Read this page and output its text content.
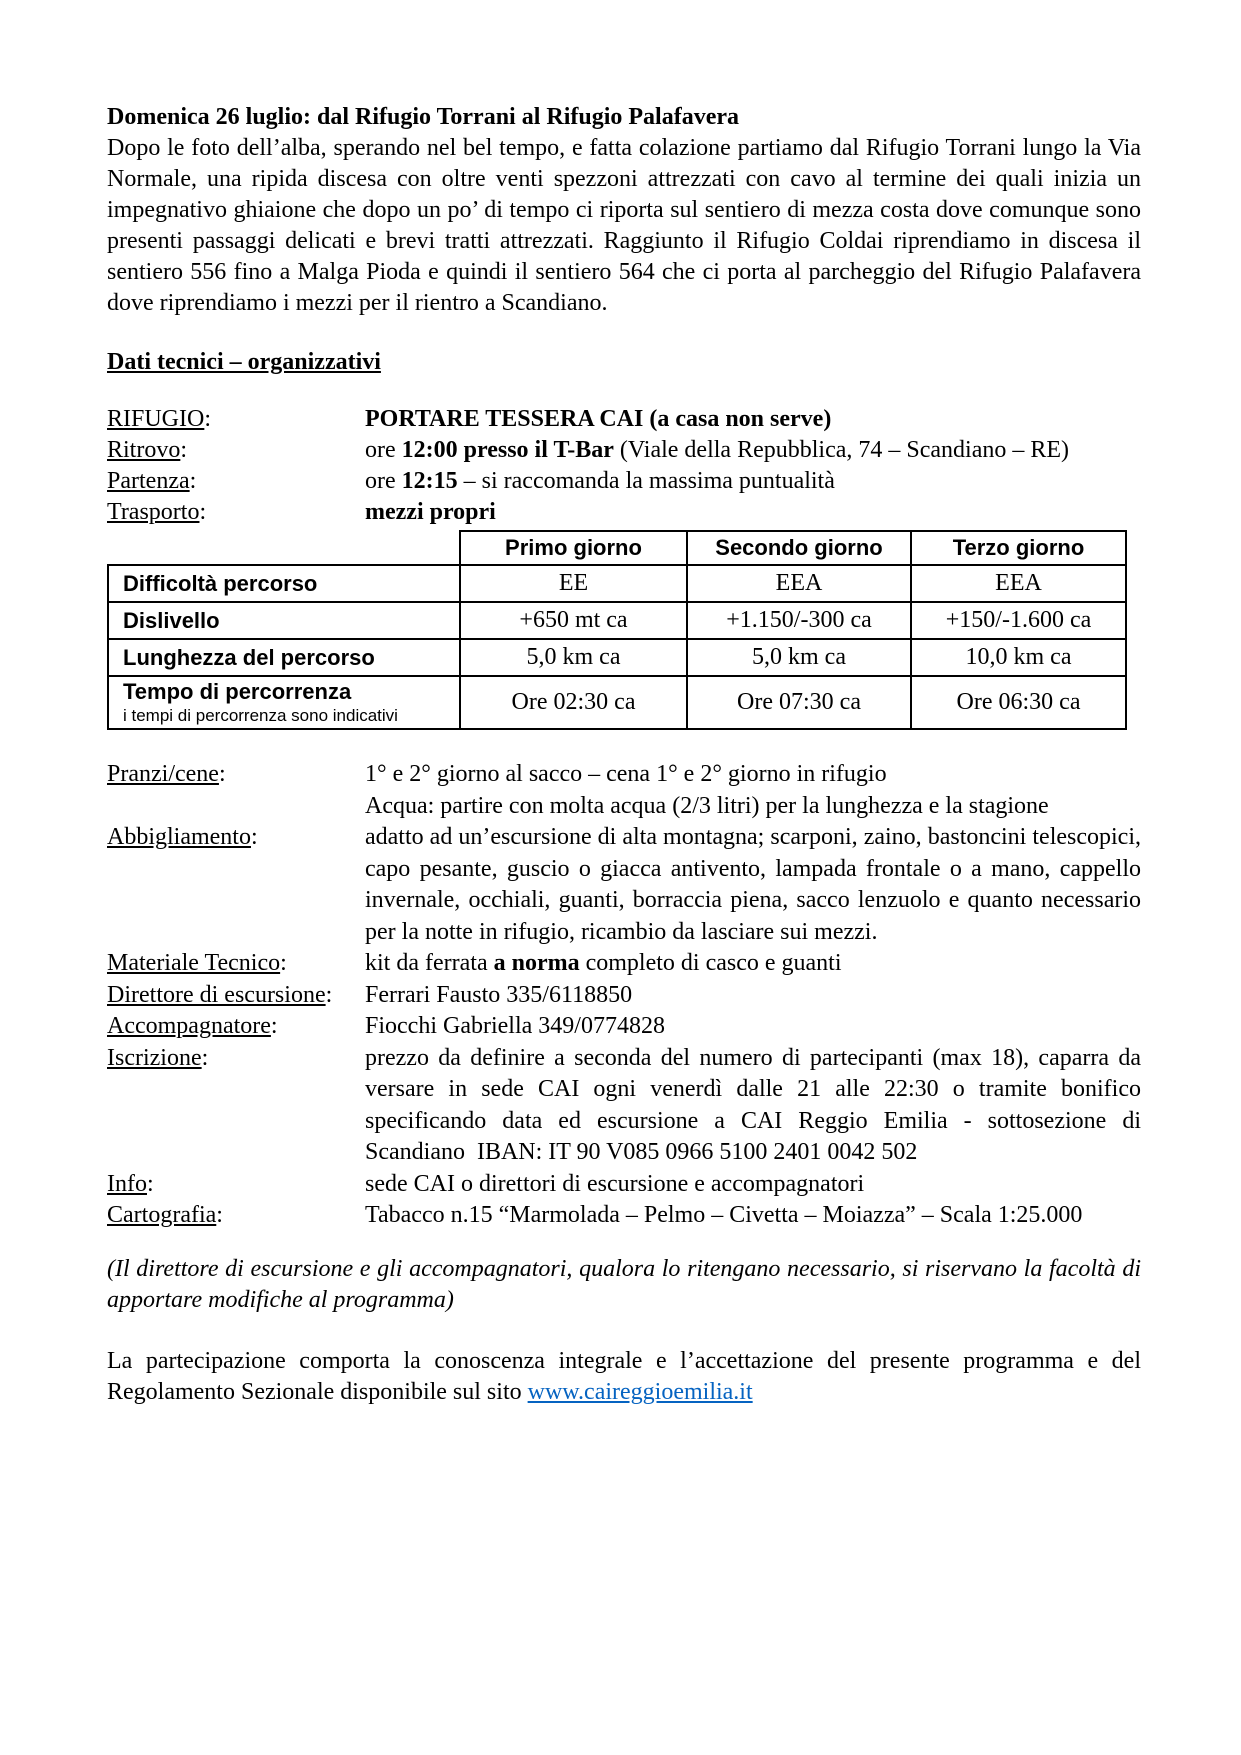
Domenica 26 luglio: dal Rifugio Torrani al Rifugio Palafavera

Dopo le foto dell’alba, sperando nel bel tempo, e fatta colazione partiamo dal Rifugio Torrani lungo la Via Normale, una ripida discesa con oltre venti spezzoni attrezzati con cavo al termine dei quali inizia un impegnativo ghiaione che dopo un po’ di tempo ci riporta sul sentiero di mezza costa dove comunque sono presenti passaggi delicati e brevi tratti attrezzati. Raggiunto il Rifugio Coldai riprendiamo in discesa il sentiero 556 fino a Malga Pioda e quindi il sentiero 564 che ci porta al parcheggio del Rifugio Palafavera dove riprendiamo i mezzi per il rientro a Scandiano.

Dati tecnici – organizzativi

RIFUGIO:	PORTARE TESSERA CAI (a casa non serve)
Ritrovo:	ore 12:00 presso il T-Bar (Viale della Repubblica, 74 – Scandiano – RE)
Partenza:	ore 12:15 – si raccomanda la massima puntualità
Trasporto:	mezzi propri
	Primo giorno	Secondo giorno	Terzo giorno
Difficoltà percorso	EE	EEA	EEA
Dislivello	+650 mt ca	+1.150/-300 ca	+150/-1.600 ca
Lunghezza del percorso	5,0 km ca	5,0 km ca	10,0 km ca

Tempo di percorrenza
i tempi di percorrenza sono indicativi	Ore 02:30 ca	Ore 07:30 ca	Ore 06:30 ca
Pranzi/cene:	1° e 2° giorno al sacco – cena 1° e 2° giorno in rifugio
Acqua: partire con molta acqua (2/3 litri) per la lunghezza e la stagione
Abbigliamento:	adatto ad un’escursione di alta montagna; scarponi, zaino, bastoncini telescopici, capo pesante, guscio o giacca antivento, lampada frontale o a mano, cappello invernale, occhiali, guanti, borraccia piena, sacco lenzuolo e quanto necessario per la notte in rifugio, ricambio da lasciare sui mezzi.
Materiale Tecnico:	kit da ferrata a norma completo di casco e guanti
Direttore di escursione:	Ferrari Fausto 335/6118850
Accompagnatore:	Fiocchi Gabriella 349/0774828
Iscrizione:	prezzo da definire a seconda del numero di partecipanti (max 18), caparra da versare in sede CAI ogni venerdì dalle 21 alle 22:30 o tramite bonifico specificando data ed escursione a CAI Reggio Emilia - sottosezione di Scandiano  IBAN: IT 90 V085 0966 5100 2401 0042 502
Info:	sede CAI o direttori di escursione e accompagnatori
Cartografia:	Tabacco n.15 “Marmolada – Pelmo – Civetta – Moiazza” – Scala 1:25.000

(Il direttore di escursione e gli accompagnatori, qualora lo ritengano necessario, si riservano la facoltà di apportare modifiche al programma)

La partecipazione comporta la conoscenza integrale e l’accettazione del presente programma e del Regolamento Sezionale disponibile sul sito www.caireggioemilia.it
